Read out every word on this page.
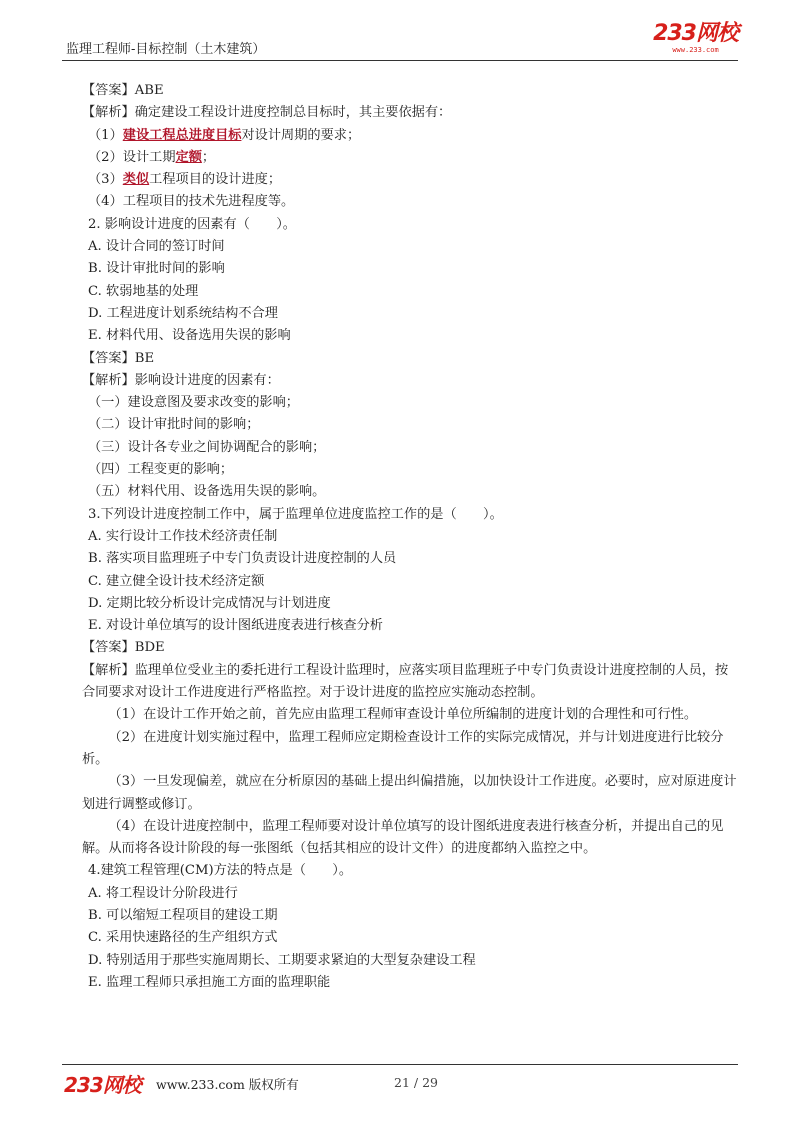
监理工程师-目标控制（土木建筑）
233网校
www.233.com
【答案】ABE
【解析】确定建设工程设计进度控制总目标时，其主要依据有：
（1）建设工程总进度目标对设计周期的要求；
（2）设计工期定额；
（3）类似工程项目的设计进度；
（4）工程项目的技术先进程度等。
2. 影响设计进度的因素有（　　）。
A. 设计合同的签订时间
B. 设计审批时间的影响
C. 软弱地基的处理
D. 工程进度计划系统结构不合理
E. 材料代用、设备选用失误的影响
【答案】BE
【解析】影响设计进度的因素有：
（一）建设意图及要求改变的影响；
（二）设计审批时间的影响；
（三）设计各专业之间协调配合的影响；
（四）工程变更的影响；
（五）材料代用、设备选用失误的影响。
3.下列设计进度控制工作中，属于监理单位进度监控工作的是（　　）。
A. 实行设计工作技术经济责任制
B. 落实项目监理班子中专门负责设计进度控制的人员
C. 建立健全设计技术经济定额
D. 定期比较分析设计完成情况与计划进度
E. 对设计单位填写的设计图纸进度表进行核查分析
【答案】BDE
【解析】监理单位受业主的委托进行工程设计监理时，应落实项目监理班子中专门负责设计进度控制的人员，按合同要求对设计工作进度进行严格监控。对于设计进度的监控应实施动态控制。
（1）在设计工作开始之前，首先应由监理工程师审查设计单位所编制的进度计划的合理性和可行性。
（2）在进度计划实施过程中，监理工程师应定期检查设计工作的实际完成情况，并与计划进度进行比较分析。
（3）一旦发现偏差，就应在分析原因的基础上提出纠偏措施，以加快设计工作进度。必要时，应对原进度计划进行调整或修订。
（4）在设计进度控制中，监理工程师要对设计单位填写的设计图纸进度表进行核查分析，并提出自己的见解。从而将各设计阶段的每一张图纸（包括其相应的设计文件）的进度都纳入监控之中。
4.建筑工程管理(CM)方法的特点是（　　）。
A. 将工程设计分阶段进行
B. 可以缩短工程项目的建设工期
C. 采用快速路径的生产组织方式
D. 特别适用于那些实施周期长、工期要求紧迫的大型复杂建设工程
E. 监理工程师只承担施工方面的监理职能
233网校 www.233.com 版权所有	21 / 29
